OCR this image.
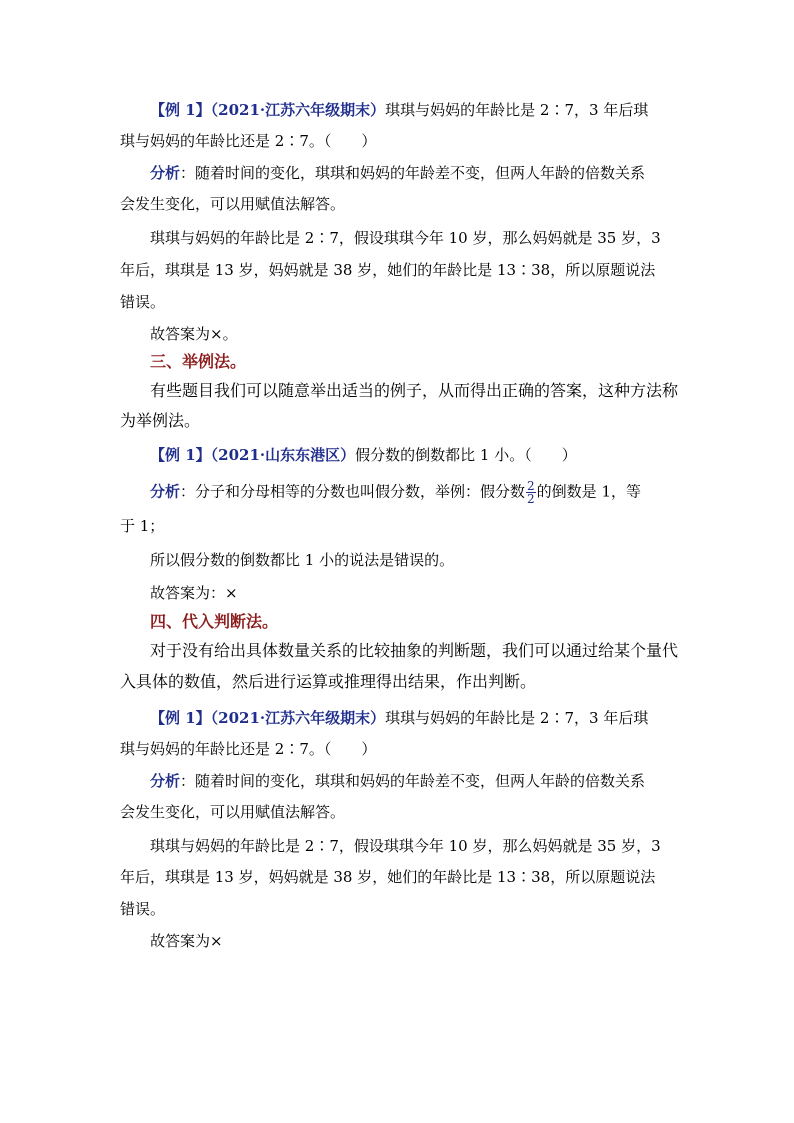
【例 1】（2021·江苏六年级期末）琪琪与妈妈的年龄比是 2∶7，3 年后琪
琪与妈妈的年龄比还是 2∶7。（　　）
分析：随着时间的变化，琪琪和妈妈的年龄差不变，但两人年龄的倍数关系
会发生变化，可以用赋值法解答。
琪琪与妈妈的年龄比是 2∶7，假设琪琪今年 10 岁，那么妈妈就是 35 岁，3
年后，琪琪是 13 岁，妈妈就是 38 岁，她们的年龄比是 13∶38，所以原题说法
错误。
故答案为×。
三、举例法。
有些题目我们可以随意举出适当的例子，从而得出正确的答案，这种方法称
为举例法。
【例 1】（2021·山东东港区）假分数的倒数都比 1 小。（　　）
分析：分子和分母相等的分数也叫假分数，举例：假分数 $\frac{2}{2}$ 的倒数是 1，等
于 1；
所以假分数的倒数都比 1 小的说法是错误的。
故答案为：×
四、代入判断法。
对于没有给出具体数量关系的比较抽象的判断题，我们可以通过给某个量代
入具体的数值，然后进行运算或推理得出结果，作出判断。
【例 1】（2021·江苏六年级期末）琪琪与妈妈的年龄比是 2∶7，3 年后琪
琪与妈妈的年龄比还是 2∶7。（　　）
分析：随着时间的变化，琪琪和妈妈的年龄差不变，但两人年龄的倍数关系
会发生变化，可以用赋值法解答。
琪琪与妈妈的年龄比是 2∶7，假设琪琪今年 10 岁，那么妈妈就是 35 岁，3
年后，琪琪是 13 岁，妈妈就是 38 岁，她们的年龄比是 13∶38，所以原题说法
错误。
故答案为×
